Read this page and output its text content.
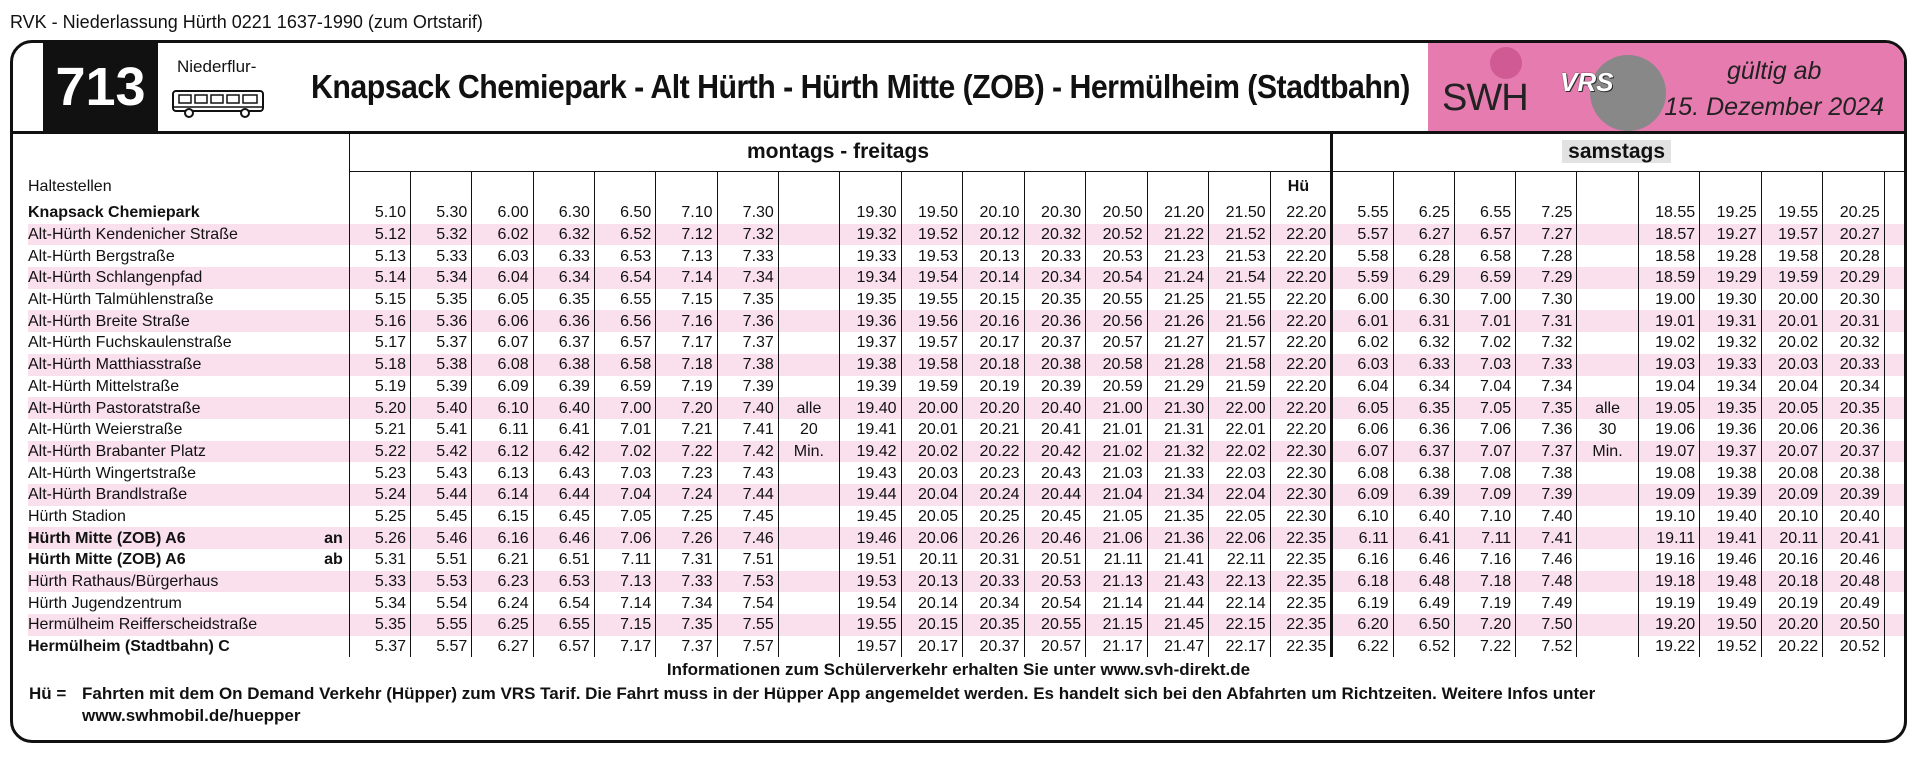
RVK - Niederlassung Hürth 0221 1637-1990 (zum Ortstarif)
713	Niederflur-
Knapsack Chemiepark - Alt Hürth - Hürth Mitte (ZOB) - Hermülheim (Stadtbahn) SWH VRS	gültig ab
15. Dezember 2024
		montags - freitags																samstags									
Haltestellen																	Hü										
Knapsack Chemiepark		5.10	5.30	6.00	6.30	6.50	7.10	7.30		19.30	19.50	20.10	20.30	20.50	21.20	21.50	22.20	5.55	6.25	6.55	7.25		18.55	19.25	19.55	20.25	
Alt-Hürth Kendenicher Straße		5.12	5.32	6.02	6.32	6.52	7.12	7.32		19.32	19.52	20.12	20.32	20.52	21.22	21.52	22.20	5.57	6.27	6.57	7.27		18.57	19.27	19.57	20.27	
Alt-Hürth Bergstraße		5.13	5.33	6.03	6.33	6.53	7.13	7.33		19.33	19.53	20.13	20.33	20.53	21.23	21.53	22.20	5.58	6.28	6.58	7.28		18.58	19.28	19.58	20.28	
Alt-Hürth Schlangenpfad		5.14	5.34	6.04	6.34	6.54	7.14	7.34		19.34	19.54	20.14	20.34	20.54	21.24	21.54	22.20	5.59	6.29	6.59	7.29		18.59	19.29	19.59	20.29	
Alt-Hürth Talmühlenstraße		5.15	5.35	6.05	6.35	6.55	7.15	7.35		19.35	19.55	20.15	20.35	20.55	21.25	21.55	22.20	6.00	6.30	7.00	7.30		19.00	19.30	20.00	20.30	
Alt-Hürth Breite Straße		5.16	5.36	6.06	6.36	6.56	7.16	7.36		19.36	19.56	20.16	20.36	20.56	21.26	21.56	22.20	6.01	6.31	7.01	7.31		19.01	19.31	20.01	20.31	
Alt-Hürth Fuchskaulenstraße		5.17	5.37	6.07	6.37	6.57	7.17	7.37		19.37	19.57	20.17	20.37	20.57	21.27	21.57	22.20	6.02	6.32	7.02	7.32		19.02	19.32	20.02	20.32	
Alt-Hürth Matthiasstraße		5.18	5.38	6.08	6.38	6.58	7.18	7.38		19.38	19.58	20.18	20.38	20.58	21.28	21.58	22.20	6.03	6.33	7.03	7.33		19.03	19.33	20.03	20.33	
Alt-Hürth Mittelstraße		5.19	5.39	6.09	6.39	6.59	7.19	7.39		19.39	19.59	20.19	20.39	20.59	21.29	21.59	22.20	6.04	6.34	7.04	7.34		19.04	19.34	20.04	20.34	
Alt-Hürth Pastoratstraße		5.20	5.40	6.10	6.40	7.00	7.20	7.40	alle	19.40	20.00	20.20	20.40	21.00	21.30	22.00	22.20	6.05	6.35	7.05	7.35	alle	19.05	19.35	20.05	20.35	
Alt-Hürth Weierstraße		5.21	5.41	6.11	6.41	7.01	7.21	7.41	20	19.41	20.01	20.21	20.41	21.01	21.31	22.01	22.20	6.06	6.36	7.06	7.36	30	19.06	19.36	20.06	20.36	
Alt-Hürth Brabanter Platz		5.22	5.42	6.12	6.42	7.02	7.22	7.42	Min.	19.42	20.02	20.22	20.42	21.02	21.32	22.02	22.30	6.07	6.37	7.07	7.37	Min.	19.07	19.37	20.07	20.37	
Alt-Hürth Wingertstraße		5.23	5.43	6.13	6.43	7.03	7.23	7.43		19.43	20.03	20.23	20.43	21.03	21.33	22.03	22.30	6.08	6.38	7.08	7.38		19.08	19.38	20.08	20.38	
Alt-Hürth Brandlstraße		5.24	5.44	6.14	6.44	7.04	7.24	7.44		19.44	20.04	20.24	20.44	21.04	21.34	22.04	22.30	6.09	6.39	7.09	7.39		19.09	19.39	20.09	20.39	
Hürth Stadion		5.25	5.45	6.15	6.45	7.05	7.25	7.45		19.45	20.05	20.25	20.45	21.05	21.35	22.05	22.30	6.10	6.40	7.10	7.40		19.10	19.40	20.10	20.40	
Hürth Mitte (ZOB) A6	an	5.26	5.46	6.16	6.46	7.06	7.26	7.46		19.46	20.06	20.26	20.46	21.06	21.36	22.06	22.35	6.11	6.41	7.11	7.41		19.11	19.41	20.11	20.41	
Hürth Mitte (ZOB) A6	ab	5.31	5.51	6.21	6.51	7.11	7.31	7.51		19.51	20.11	20.31	20.51	21.11	21.41	22.11	22.35	6.16	6.46	7.16	7.46		19.16	19.46	20.16	20.46	
Hürth Rathaus/Bürgerhaus		5.33	5.53	6.23	6.53	7.13	7.33	7.53		19.53	20.13	20.33	20.53	21.13	21.43	22.13	22.35	6.18	6.48	7.18	7.48		19.18	19.48	20.18	20.48	
Hürth Jugendzentrum		5.34	5.54	6.24	6.54	7.14	7.34	7.54		19.54	20.14	20.34	20.54	21.14	21.44	22.14	22.35	6.19	6.49	7.19	7.49		19.19	19.49	20.19	20.49	
Hermülheim Reifferscheidstraße		5.35	5.55	6.25	6.55	7.15	7.35	7.55		19.55	20.15	20.35	20.55	21.15	21.45	22.15	22.35	6.20	6.50	7.20	7.50		19.20	19.50	20.20	20.50	
Hermülheim (Stadtbahn) C		5.37	5.57	6.27	6.57	7.17	7.37	7.57		19.57	20.17	20.37	20.57	21.17	21.47	22.17	22.35	6.22	6.52	7.22	7.52		19.22	19.52	20.22	20.52	
Informationen zum Schülerverkehr erhalten Sie unter www.svh-direkt.de
Hü = Fahrten mit dem On Demand Verkehr (Hüpper) zum VRS Tarif. Die Fahrt muss in der Hüpper App angemeldet werden. Es handelt sich bei den Abfahrten um Richtzeiten. Weitere Infos unter
www.swhmobil.de/huepper
